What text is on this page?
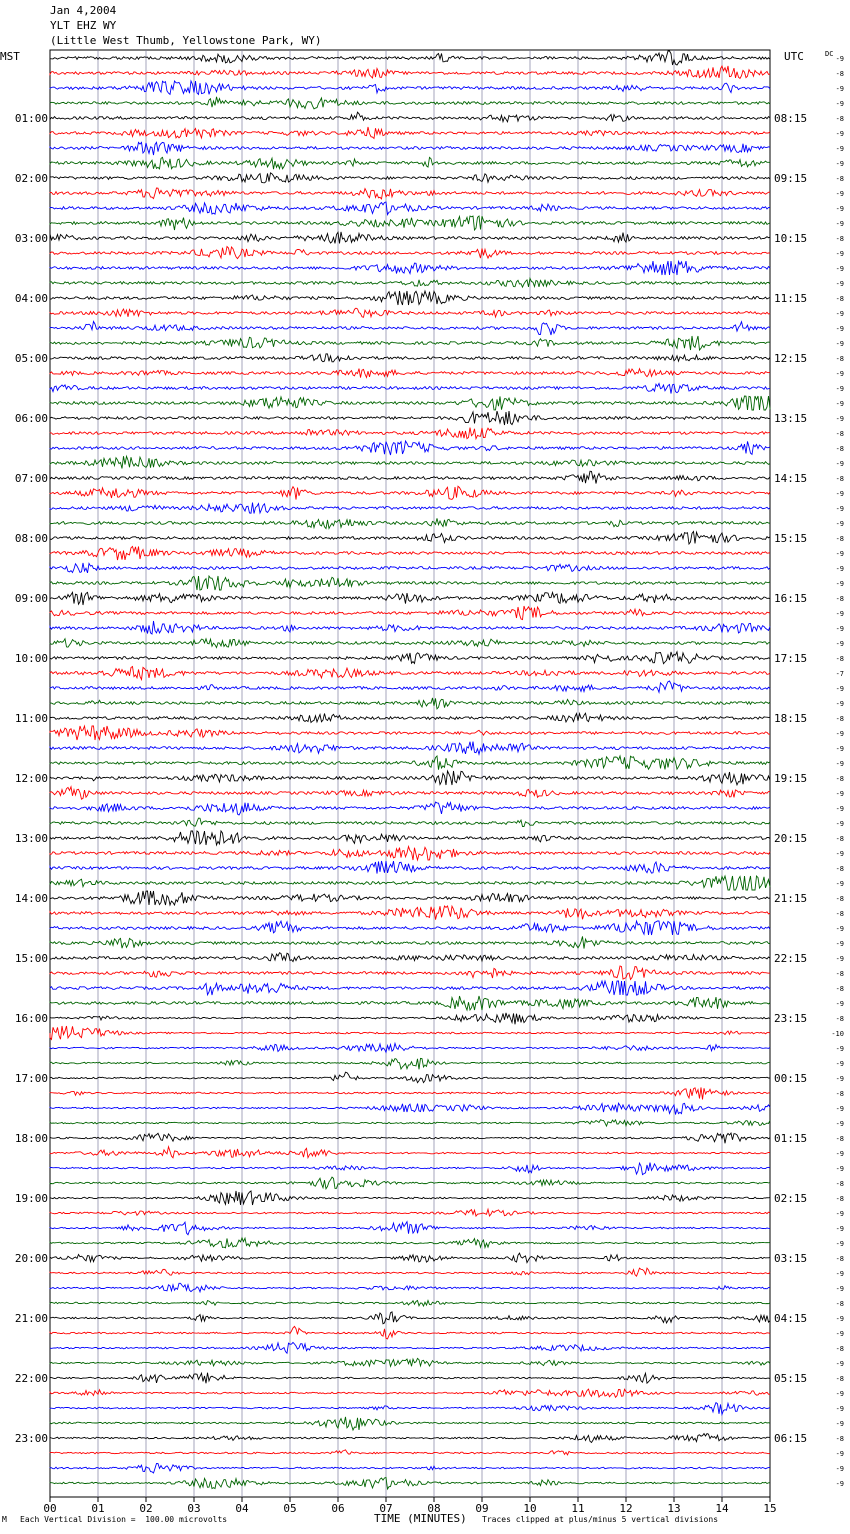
Jan 4,2004
YLT EHZ WY
(Little West Thumb, Yellowstone Park, WY)
-9
-8
-9
-9
-8
-9
-9
-9
-8
-9
-9
-9
-8
-9
-9
-9
-8
-9
-9
-9
-8
-9
-9
-9
-9
-8
-8
-9
-8
-9
-9
-9
-8
-9
-9
-9
-8
-9
-9
-9
-8
-7
-9
-9
-8
-9
-9
-9
-8
-9
-9
-9
-8
-9
-8
-9
-8
-8
-9
-9
-9
-8
-8
-9
-8
-10
-9
-9
-9
-8
-9
-9
-8
-9
-9
-8
-8
-9
-9
-9
-8
-9
-9
-8
-9
-9
-8
-9
-8
-9
-9
-9
-8
-9
-9
-9
MST	UTC	DC
01:00
02:00
03:00
04:00
05:00
06:00
07:00
08:00
09:00
10:00
11:00
12:00
13:00
14:00
15:00
16:00
17:00
18:00
19:00
20:00
21:00
22:00
23:00
08:15
09:15
10:15
11:15
12:15
13:15
14:15
15:15
16:15
17:15
18:15
19:15
20:15
21:15
22:15
23:15
00:15
01:15
02:15
03:15
04:15
05:15
06:15
00	01	02	03	04	05	06	07	08	09	10	11	12	13	14	15
TIME (MINUTES)
M Each Vertical Division =  100.00 microvolts	Traces clipped at plus/minus 5 vertical divisions
